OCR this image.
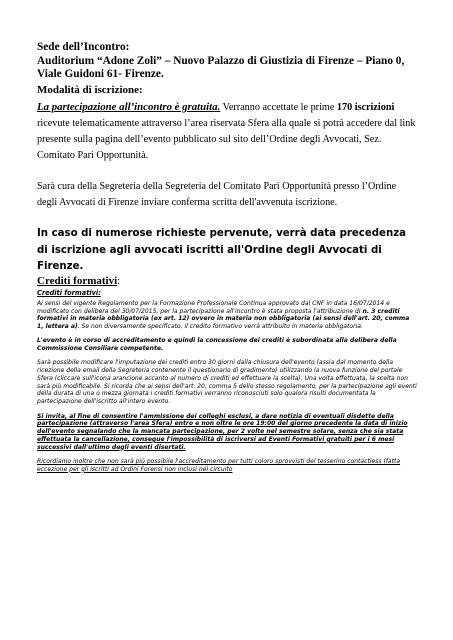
Sede dell’Incontro:
Auditorium “Adone Zoli” – Nuovo Palazzo di Giustizia di Firenze – Piano 0,
Viale Guidoni 61- Firenze.
Modalità di iscrizione:
La partecipazione all’incontro è gratuita. Verranno accettate le prime 170 iscrizioni ricevute telematicamente attraverso l’area riservata Sfera alla quale si potrà accedere dal link presente sulla pagina dell’evento pubblicato sul sito dell’Ordine degli Avvocati, Sez. Comitato Pari Opportunità.
Sarà cura della Segreteria della Segreteria del Comitato Pari Opportunità presso l’Ordine degli Avvocati di Firenze inviare conferma scritta dell'avvenuta iscrizione.
In caso di numerose richieste pervenute, verrà data precedenza di iscrizione agli avvocati iscritti all'Ordine degli Avvocati di Firenze.
Crediti formativi:
Crediti formativi:
Ai sensi del vigente Regolamento per la Formazione Professionale Continua approvato dal CNF in data 16/07/2014 e modificato con delibera del 30/07/2015, per la partecipazione all'incontro è stata proposta l'attribuzione di n. 3 crediti formativi in materia obbligatoria (ex art. 12) ovvero in materia non obbligatoria (ai sensi dell'art. 20, comma 1, lettera a). Se non diversamente specificato, il credito formativo verrà attribuito in materia obbligatoria.
L'evento è in corso di accreditamento e quindi la concessione dei crediti è subordinata alla delibera della Commissione Consiliare competente.
Sarà possibile modificare l'imputazione dei crediti entro 30 giorni dalla chiusura dell'evento (assia dal momento della ricezione della email della Segreteria contenente il questionario di gradimento) utilizzando la nuova funzione del portale Sfera (cliccare sull'icona arancione accanto al numero di crediti ed effettuare la scelta). Una volta effettuata, la scelta non sarà più modificabile. Si ricorda che ai sensi dell'art. 20, comma 5 dello stesso regolamento, per la partecipazione agli eventi della durata di una o mezza giornata i crediti formativi verranno riconosciuti solo qualora risulti documentata la partecipazione dell'iscritto all'intero evento.
Si invita, al fine di consentire l'ammissione dei colleghi esclusi, a dare notizia di eventuali disdette della partecipazione (attraverso l'area Sfera) entro e non oltre le ore 19:00 del giorno precedente la data di inizio dell'evento segnalando che la mancata partecipazione, per 2 volte nel semestre solare, senza che sia stata effettuata la cancellazione, consegue l'impossibilità di iscriversi ad Eventi Formativi gratuiti per i 6 mesi successivi dall'ultimo degli eventi disertati.
Ricordiamo inoltre che non sarà più possibile l'accreditamento per tutti coloro sprovvisti del tesserino contactless (fatta eccezione per gli iscritti ad Ordini Forensi non inclusi nel circuito
